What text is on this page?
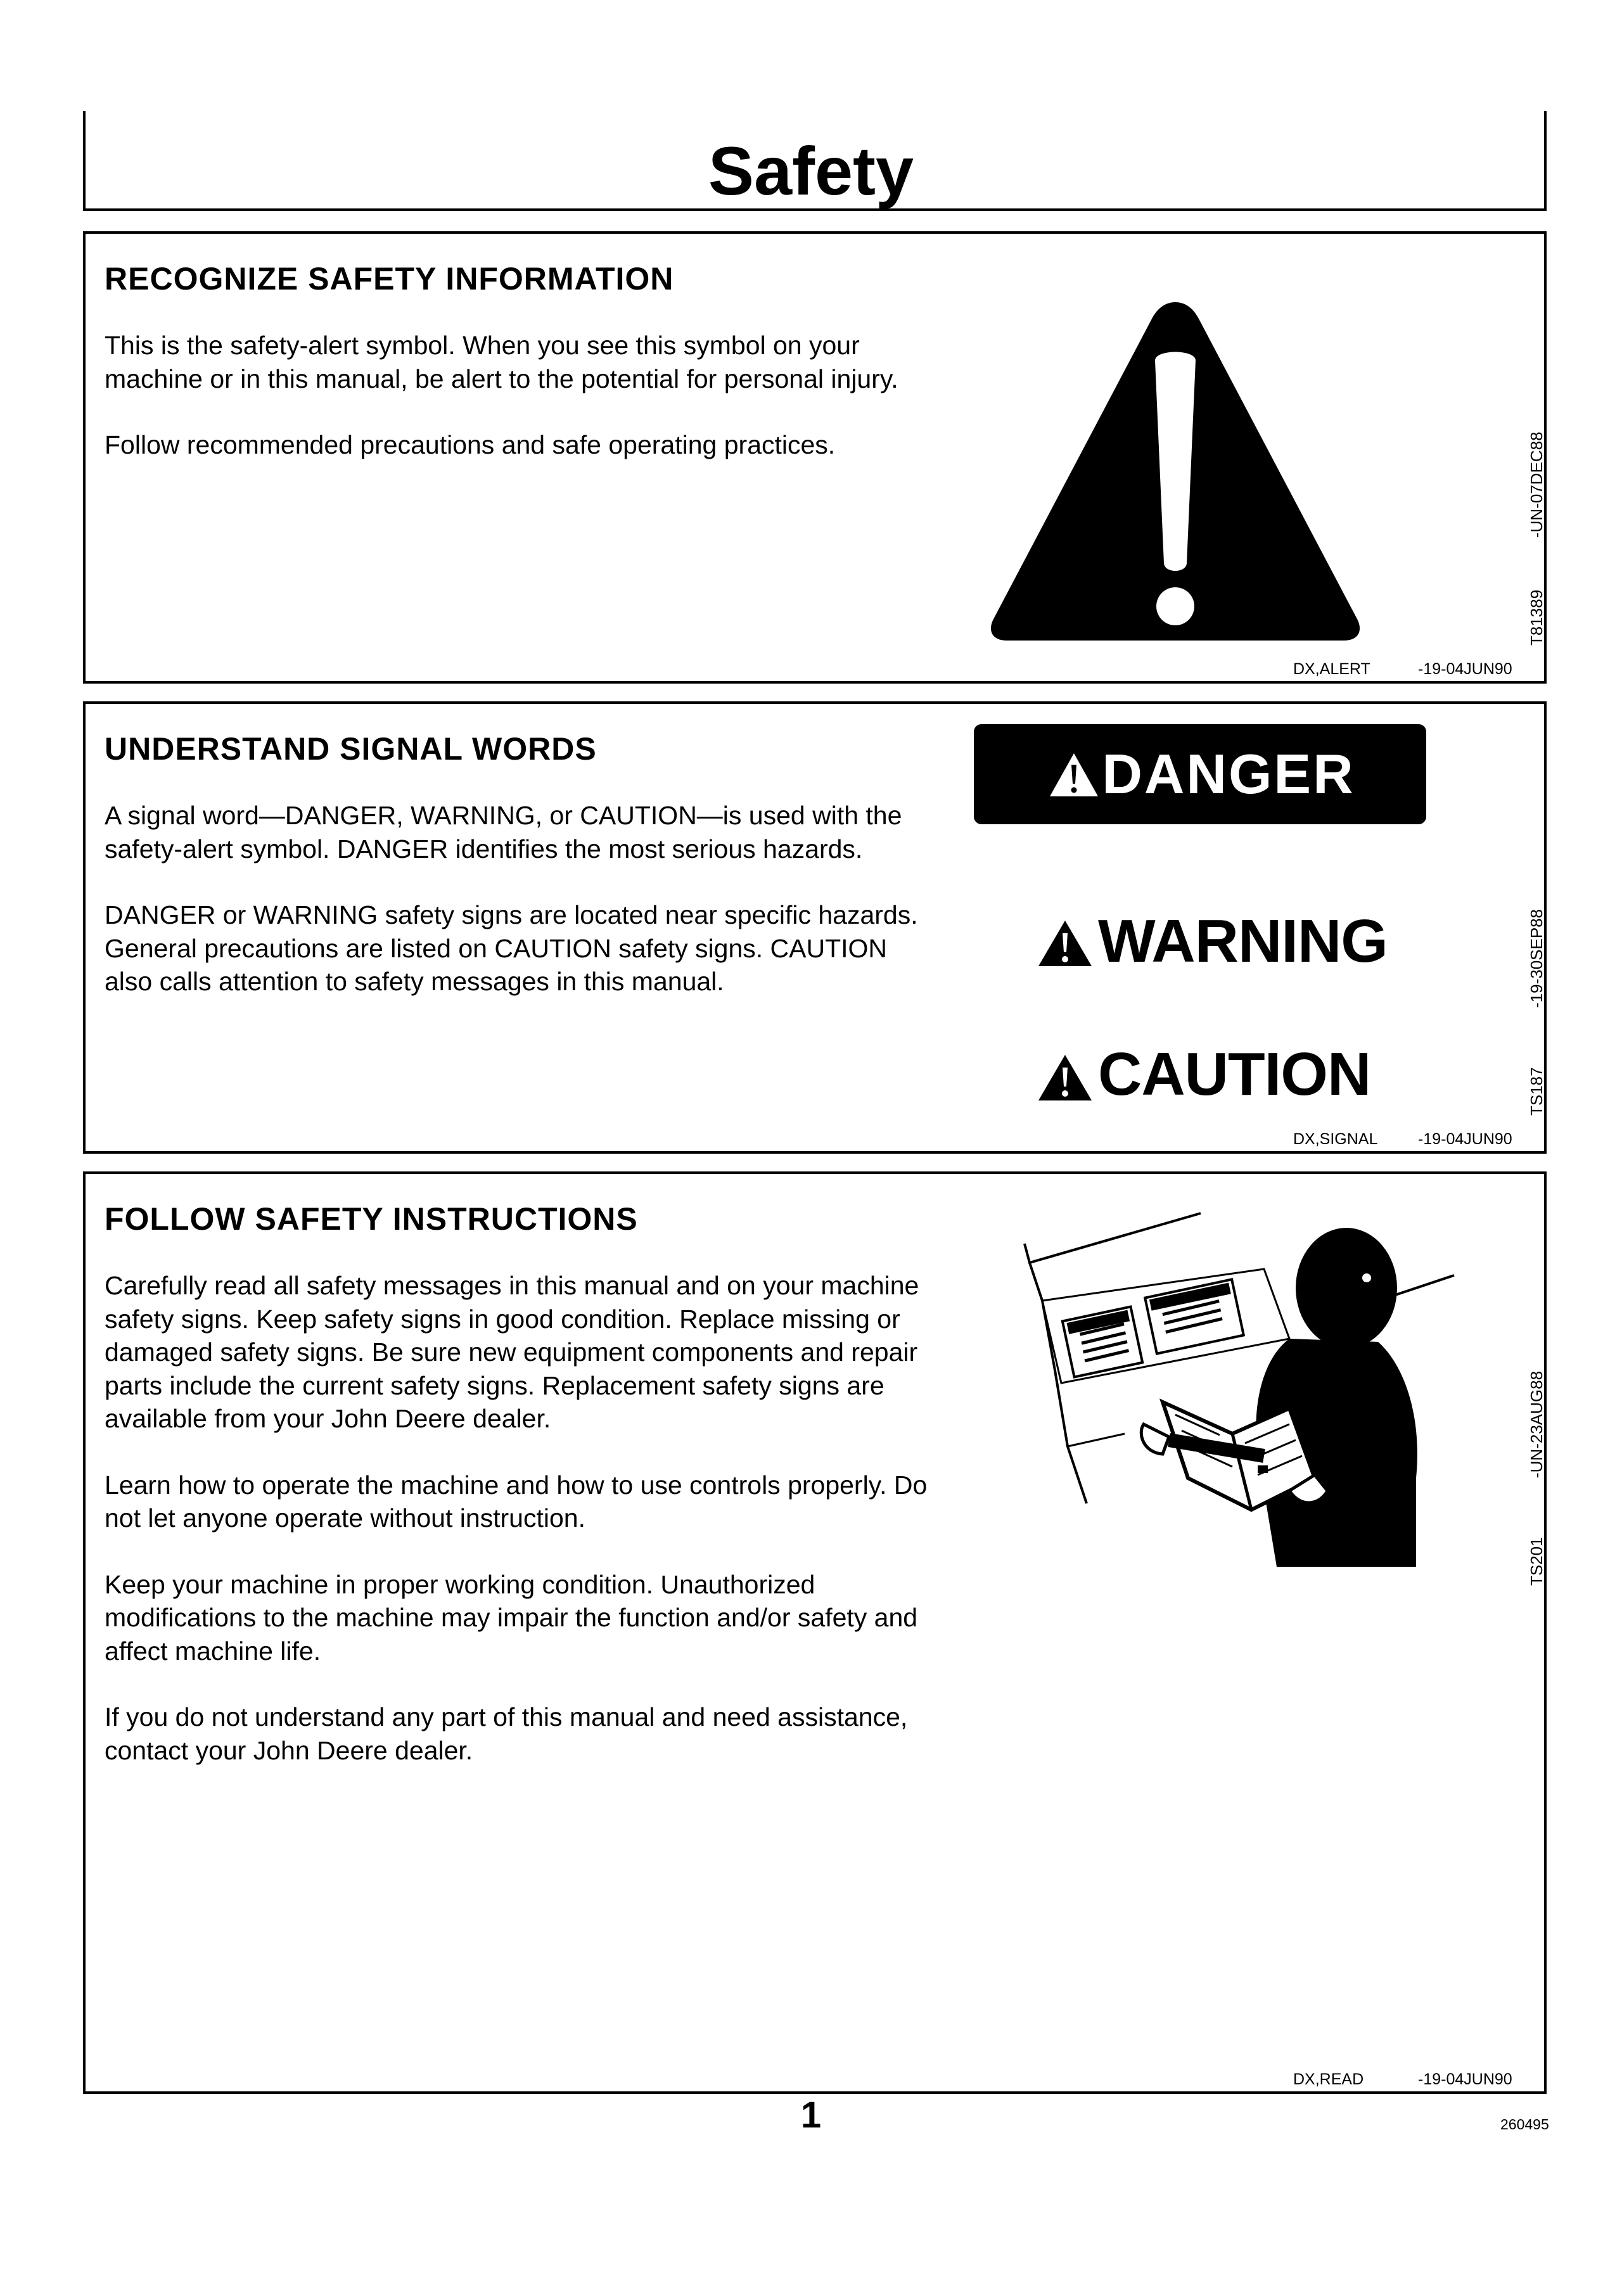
Safety
RECOGNIZE SAFETY INFORMATION

This is the safety-alert symbol. When you see this symbol on your machine or in this manual, be alert to the potential for personal injury.

Follow recommended precautions and safe operating practices.

T81389
-UN-07DEC88
DX,ALERT	-19-04JUN90
UNDERSTAND SIGNAL WORDS

A signal word—DANGER, WARNING, or CAUTION—is used with the safety-alert symbol. DANGER identifies the most serious hazards.

DANGER or WARNING safety signs are located near specific hazards. General precautions are listed on CAUTION safety signs. CAUTION also calls attention to safety messages in this manual.

DANGER
WARNING
CAUTION	TS187
-19-30SEP88
DX,SIGNAL	-19-04JUN90
FOLLOW SAFETY INSTRUCTIONS

Carefully read all safety messages in this manual and on your machine safety signs. Keep safety signs in good condition. Replace missing or damaged safety signs. Be sure new equipment components and repair parts include the current safety signs. Replacement safety signs are available from your John Deere dealer.

Learn how to operate the machine and how to use controls properly. Do not let anyone operate without instruction.

Keep your machine in proper working condition. Unauthorized modifications to the machine may impair the function and/or safety and affect machine life.

If you do not understand any part of this manual and need assistance, contact your John Deere dealer.

TS201
-UN-23AUG88
DX,READ	-19-04JUN90
1	260495
